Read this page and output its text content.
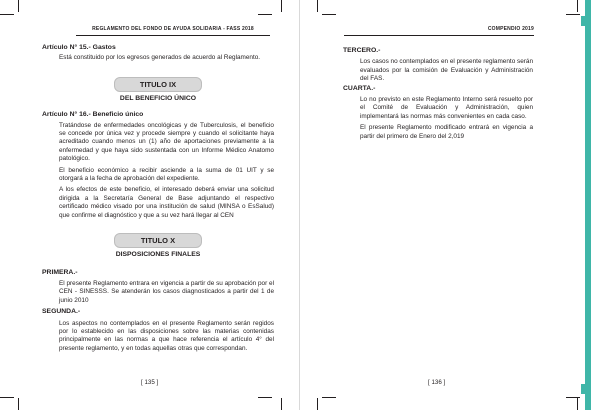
REGLAMENTO DEL FONDO DE AYUDA SOLIDARIA - FASS 2018	COMPENDIO 2019

Artículo N° 15.- Gastos

Está constituido por los egresos generados de acuerdo al Reglamento.

TITULO IX

DEL BENEFICIO ÚNICO

Artículo N° 16.- Beneficio único

Tratándose de enfermedades oncológicas y de Tuberculosis, el beneficio se concede por única vez y procede siempre y cuando el solicitante haya acreditado cuando menos un (1) año de aportaciones previamente a la enfermedad y que haya sido sustentada con un Informe Médico Anatomo patológico.

El beneficio económico a recibir asciende a la suma de 01 UIT y se otorgará a la fecha de aprobación del expediente.

A los efectos de este beneficio, el interesado deberá enviar una solicitud dirigida a la Secretaría General de Base adjuntando el respectivo certificado médico visado por una institución de salud (MINSA o EsSalud) que confirme el diagnóstico y que a su vez hará llegar al CEN

TITULO X

DISPOSICIONES FINALES

PRIMERA.-

El presente Reglamento entrara en vigencia a partir de su aprobación por el CEN - SINESSS. Se atenderán los casos diagnosticados a partir del 1 de junio 2010

SEGUNDA.-

Los aspectos no contemplados en el presente Reglamento serán regidos por lo establecido en las disposiciones sobre las materias contenidas principalmente en las normas a que hace referencia el artículo 4° del presente reglamento, y en todas aquellas otras que correspondan.

[ 135 ]

TERCERO.-

Los casos no contemplados en el presente reglamento serán evaluados por la comisión de Evaluación y Administración del FAS.

CUARTA.-

Lo no previsto en este Reglamento Interno será resuelto por el Comité de Evaluación y Administración, quien implementará las normas más convenientes en cada caso.

El presente Reglamento modificado entrará en vigencia a partir del primero de Enero del 2,019

[ 136 ]
